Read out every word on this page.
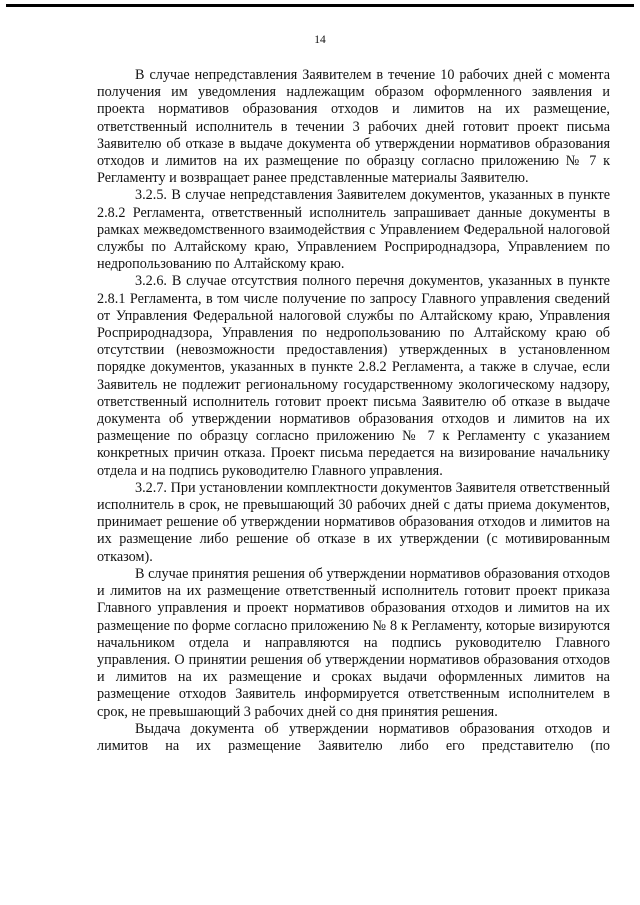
14

В случае непредставления Заявителем в течение 10 рабочих дней с момента получения им уведомления надлежащим образом оформленного заявления и проекта нормативов образования отходов и лимитов на их размещение, ответственный исполнитель в течении 3 рабочих дней готовит проект письма Заявителю об отказе в выдаче документа об утверждении нормативов образования отходов и лимитов на их размещение по образцу согласно приложению № 7 к Регламенту и возвращает ранее представленные материалы Заявителю.

3.2.5. В случае непредставления Заявителем документов, указанных в пункте 2.8.2 Регламента, ответственный исполнитель запрашивает данные документы в рамках межведомственного взаимодействия с Управлением Федеральной налоговой службы по Алтайскому краю, Управлением Росприроднадзора, Управлением по недропользованию по Алтайскому краю.

3.2.6. В случае отсутствия полного перечня документов, указанных в пункте 2.8.1 Регламента, в том числе получение по запросу Главного управления сведений от Управления Федеральной налоговой службы по Алтайскому краю, Управления Росприроднадзора, Управления по недропользованию по Алтайскому краю об отсутствии (невозможности предоставления) утвержденных в установленном порядке документов, указанных в пункте 2.8.2 Регламента, а также в случае, если Заявитель не подлежит региональному государственному экологическому надзору, ответственный исполнитель готовит проект письма Заявителю об отказе в выдаче документа об утверждении нормативов образования отходов и лимитов на их размещение по образцу согласно приложению № 7 к Регламенту с указанием конкретных причин отказа. Проект письма передается на визирование начальнику отдела и на подпись руководителю Главного управления.

3.2.7. При установлении комплектности документов Заявителя ответственный исполнитель в срок, не превышающий 30 рабочих дней с даты приема документов, принимает решение об утверждении нормативов образования отходов и лимитов на их размещение либо решение об отказе в их утверждении (с мотивированным отказом).

В случае принятия решения об утверждении нормативов образования отходов и лимитов на их размещение ответственный исполнитель готовит проект приказа Главного управления и проект нормативов образования отходов и лимитов на их размещение по форме согласно приложению № 8 к Регламенту, которые визируются начальником отдела и направляются на подпись руководителю Главного управления. О принятии решения об утверждении нормативов образования отходов и лимитов на их размещение и сроках выдачи оформленных лимитов на размещение отходов Заявитель информируется ответственным исполнителем в срок, не превышающий 3 рабочих дней со дня принятия решения.

Выдача документа об утверждении нормативов образования отходов и лимитов на их размещение Заявителю либо его представителю (по
